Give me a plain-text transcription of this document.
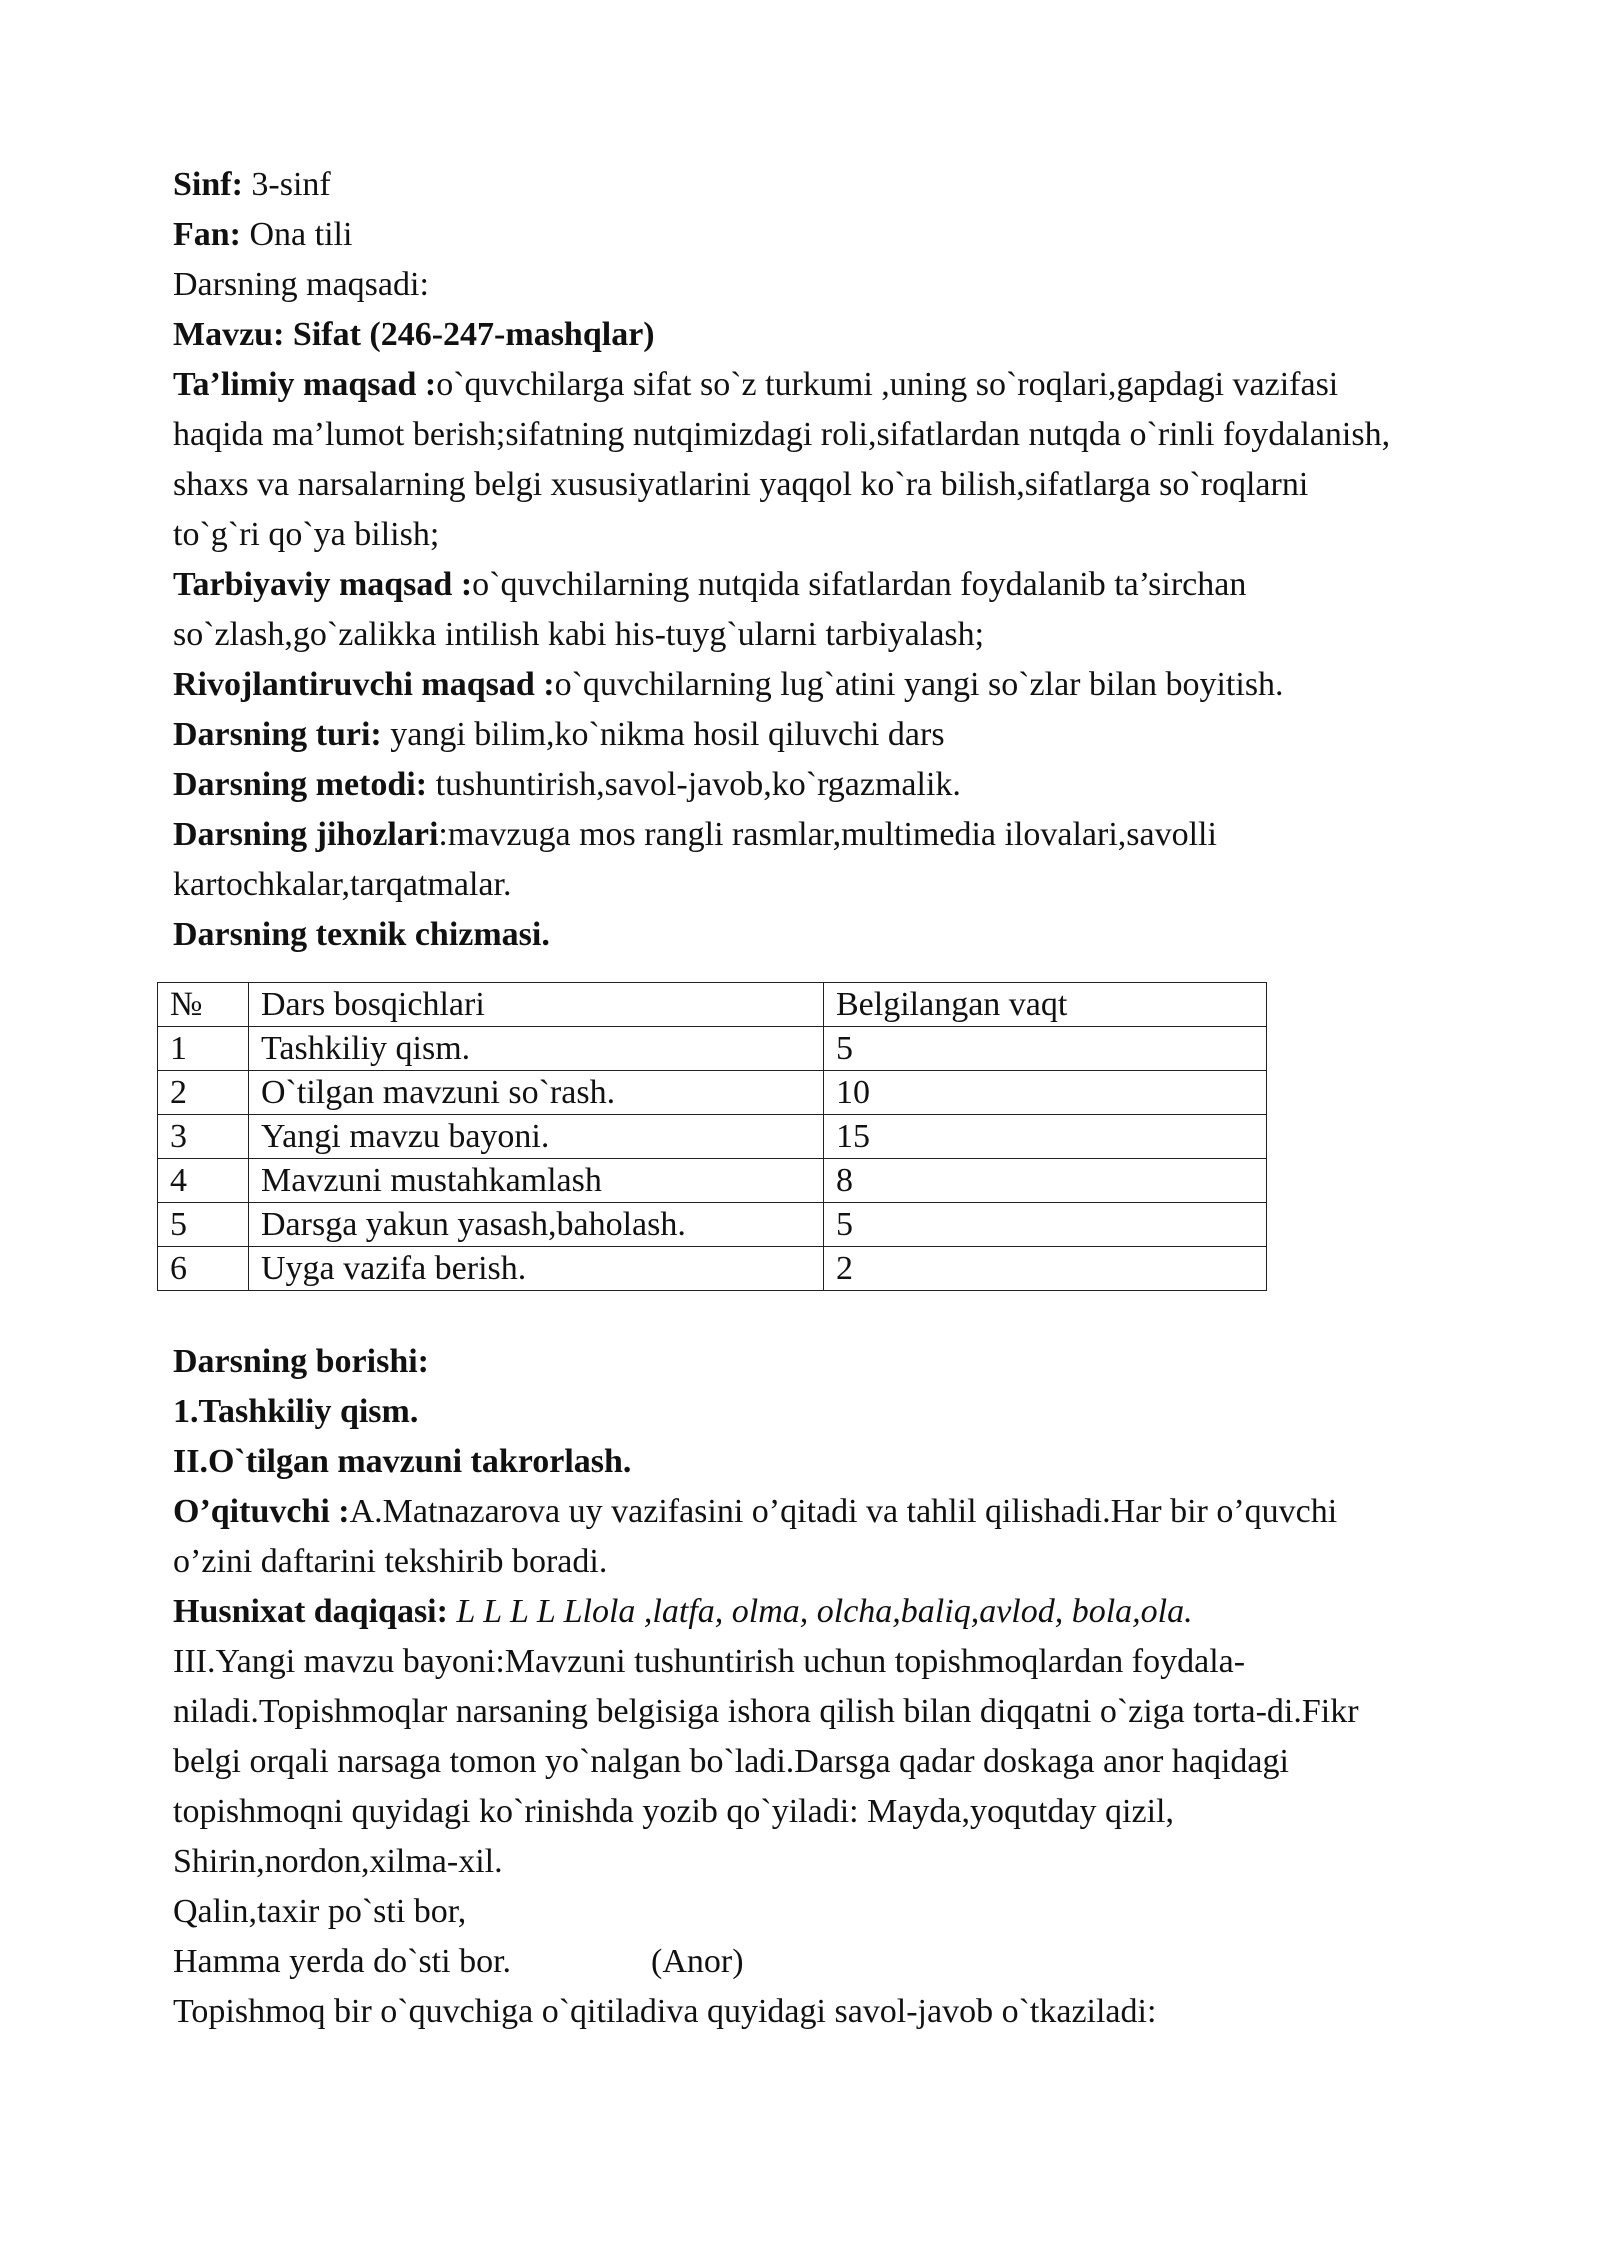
Sinf: 3-sinf

Fan: Ona tili

Darsning maqsadi:

Mavzu: Sifat (246-247-mashqlar)

Ta’limiy maqsad :o`quvchilarga sifat so`z turkumi ,uning so`roqlari,gapdagi vazifasi

haqida ma’lumot berish;sifatning nutqimizdagi roli,sifatlardan nutqda o`rinli foydalanish,

shaxs va narsalarning belgi xususiyatlarini yaqqol ko`ra bilish,sifatlarga so`roqlarni

to`g`ri qo`ya bilish;

Tarbiyaviy maqsad :o`quvchilarning nutqida sifatlardan foydalanib ta’sirchan

so`zlash,go`zalikka intilish kabi his-tuyg`ularni tarbiyalash;

Rivojlantiruvchi maqsad :o`quvchilarning lug`atini yangi so`zlar bilan boyitish.

Darsning turi: yangi bilim,ko`nikma hosil qiluvchi dars

Darsning metodi: tushuntirish,savol-javob,ko`rgazmalik.

Darsning jihozlari:mavzuga mos rangli rasmlar,multimedia ilovalari,savolli

kartochkalar,tarqatmalar.

Darsning texnik chizmasi.

№	Dars bosqichlari	Belgilangan vaqt
1	Tashkiliy qism.	5
2	O`tilgan mavzuni so`rash.	10
3	Yangi mavzu bayoni.	15
4	Mavzuni mustahkamlash	8
5	Darsga yakun yasash,baholash.	5
6	Uyga vazifa berish.	2

Darsning borishi:

1.Tashkiliy qism.

II.O`tilgan mavzuni takrorlash.

O’qituvchi :A.Matnazarova uy vazifasini o’qitadi va tahlil qilishadi.Har bir o’quvchi

o’zini daftarini tekshirib boradi.

Husnixat daqiqasi: L L L L Llola ,latfa, olma, olcha,baliq,avlod, bola,ola.

III.Yangi mavzu bayoni:Mavzuni tushuntirish uchun topishmoqlardan foydala-

niladi.Topishmoqlar narsaning belgisiga ishora qilish bilan diqqatni o`ziga torta-di.Fikr

belgi orqali narsaga tomon yo`nalgan bo`ladi.Darsga qadar doskaga anor haqidagi

topishmoqni quyidagi ko`rinishda yozib qo`yiladi: Mayda,yoqutday qizil,

Shirin,nordon,xilma-xil.

Qalin,taxir po`sti bor,

Hamma yerda do`sti bor.	(Anor)

Topishmoq bir o`quvchiga o`qitiladiva quyidagi savol-javob o`tkaziladi:
